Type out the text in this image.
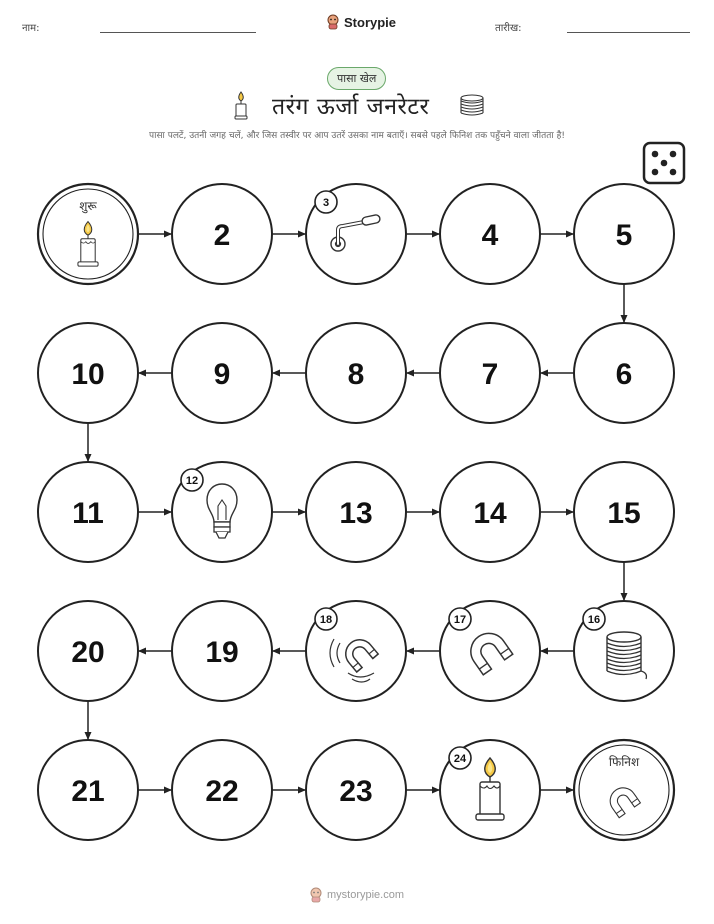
नाम:	Storypie	तारीख:
पासा खेल
तरंग ऊर्जा जनरेटर
पासा पलटें, उतनी जगह चलें, और जिस तस्वीर पर आप उतरें उसका नाम बताएँ। सबसे पहले फिनिश तक पहुँचने वाला जीतता है!
शुरू
2
3
4	5
6
7
8
9
10
11
12
13	14	15
16
17
18
19
20
21	22	23
24	फिनिश
mystorypie.com
